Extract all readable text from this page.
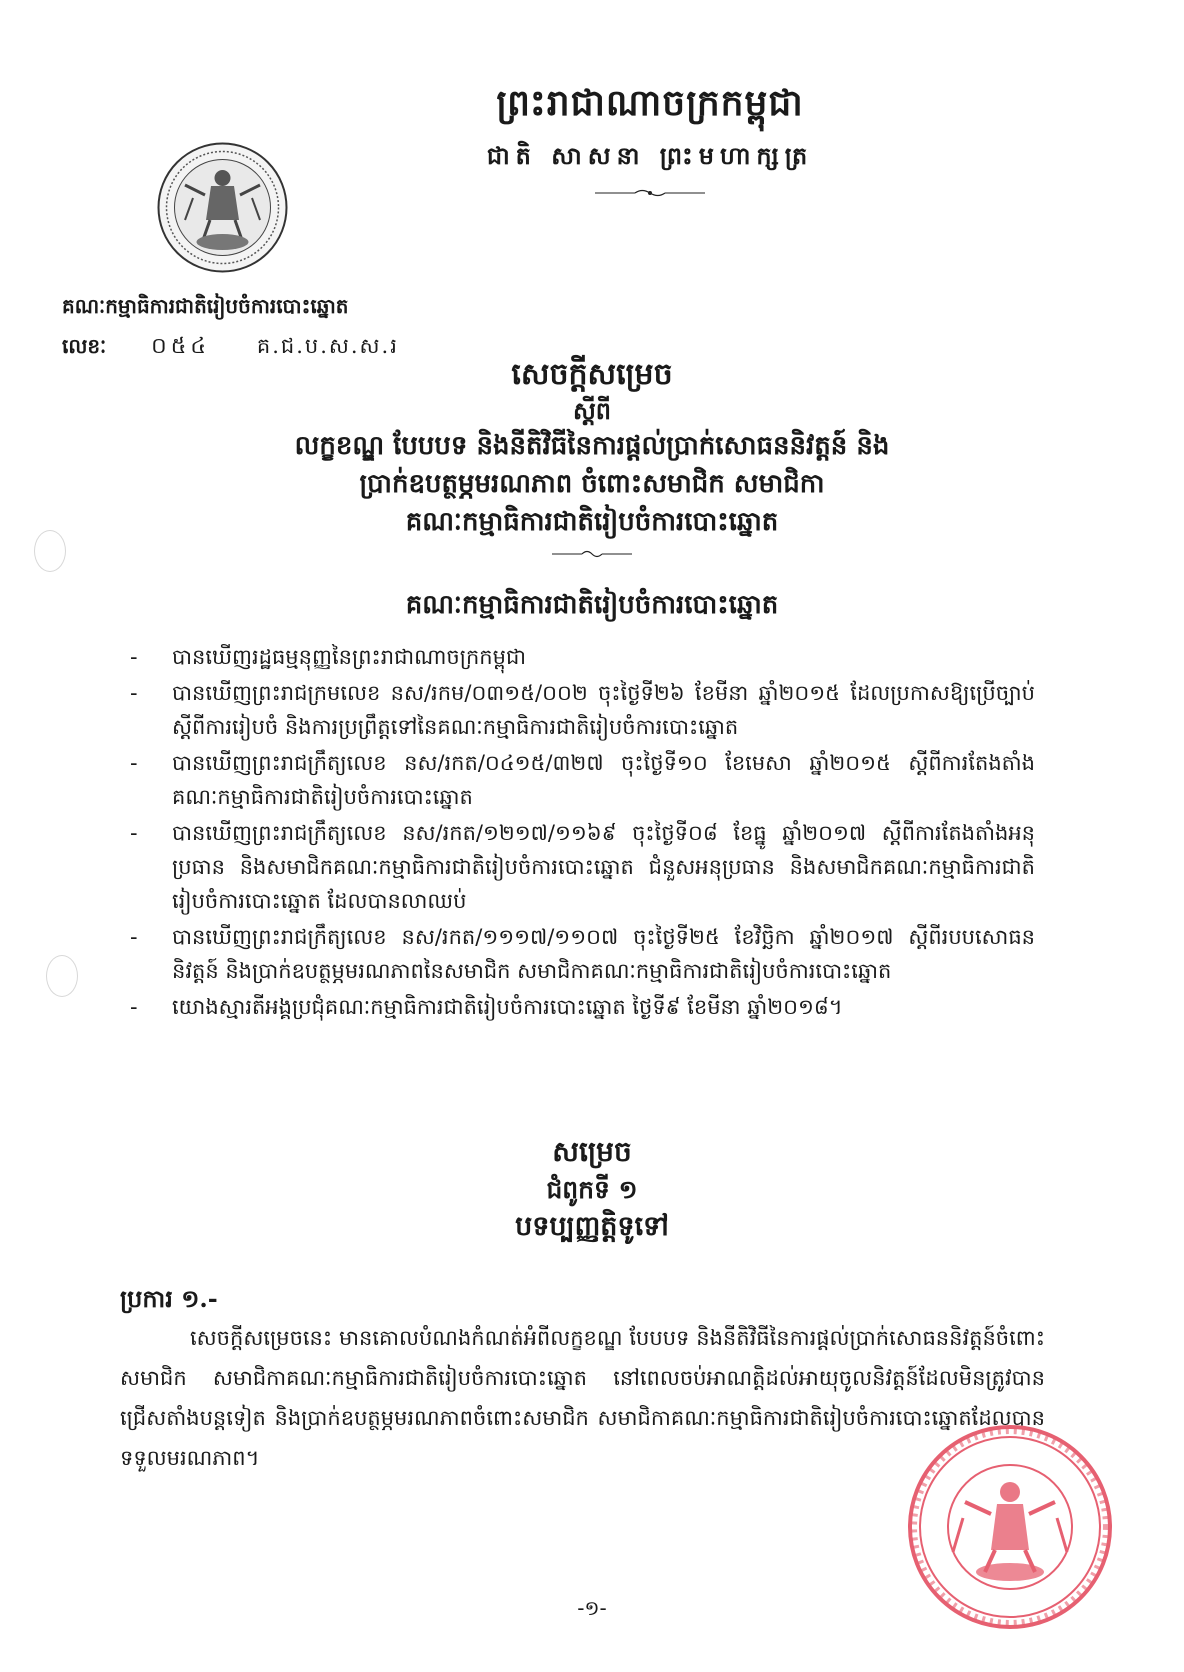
ព្រះរាជាណាចក្រកម្ពុជា
ជាតិ សាសនា ព្រះមហាក្សត្រ
គណៈកម្មាធិការជាតិរៀបចំការបោះឆ្នោត
លេខៈ ០៥៤ គ.ជ.ប.ស.ស.រ
សេចក្តីសម្រេច
ស្តីពី
លក្ខខណ្ឌ បែបបទ និងនីតិវិធីនៃការផ្តល់ប្រាក់សោធននិវត្តន៍ និង
ប្រាក់ឧបត្ថម្ភមរណភាព ចំពោះសមាជិក សមាជិកា
គណៈកម្មាធិការជាតិរៀបចំការបោះឆ្នោត
គណៈកម្មាធិការជាតិរៀបចំការបោះឆ្នោត
- បានឃើញរដ្ឋធម្មនុញ្ញនៃព្រះរាជាណាចក្រកម្ពុជា
- បានឃើញព្រះរាជក្រមលេខ នស/រកម/០៣១៥/០០២ ចុះថ្ងៃទី២៦ ខែមីនា ឆ្នាំ២០១៥ ដែលប្រកាសឱ្យប្រើច្បាប់ស្តីពីការរៀបចំ និងការប្រព្រឹត្តទៅនៃគណៈកម្មាធិការជាតិរៀបចំការបោះឆ្នោត
- បានឃើញព្រះរាជក្រឹត្យលេខ នស/រកត/០៤១៥/៣២៧ ចុះថ្ងៃទី១០ ខែមេសា ឆ្នាំ២០១៥ ស្តីពីការតែងតាំងគណៈកម្មាធិការជាតិរៀបចំការបោះឆ្នោត
- បានឃើញព្រះរាជក្រឹត្យលេខ នស/រកត/១២១៧/១១៦៩ ចុះថ្ងៃទី០៨ ខែធ្នូ ឆ្នាំ២០១៧ ស្តីពីការតែងតាំងអនុប្រធាន និងសមាជិកគណៈកម្មាធិការជាតិរៀបចំការបោះឆ្នោត ជំនួសអនុប្រធាន និងសមាជិកគណៈកម្មាធិការជាតិរៀបចំការបោះឆ្នោត ដែលបានលាឈប់
- បានឃើញព្រះរាជក្រឹត្យលេខ នស/រកត/១១១៧/១១០៧ ចុះថ្ងៃទី២៥ ខែវិច្ឆិកា ឆ្នាំ២០១៧ ស្តីពីរបបសោធននិវត្តន៍ និងប្រាក់ឧបត្ថម្ភមរណភាពនៃសមាជិក សមាជិកាគណៈកម្មាធិការជាតិរៀបចំការបោះឆ្នោត
- យោងស្មារតីអង្គប្រជុំគណៈកម្មាធិការជាតិរៀបចំការបោះឆ្នោត ថ្ងៃទី៩ ខែមីនា ឆ្នាំ២០១៨។
សម្រេច
ជំពូកទី ១
បទប្បញ្ញត្តិទូទៅ
ប្រការ ១.-

សេចក្តីសម្រេចនេះ មានគោលបំណងកំណត់អំពីលក្ខខណ្ឌ បែបបទ និងនីតិវិធីនៃការផ្តល់ប្រាក់សោធននិវត្តន៍ចំពោះសមាជិក សមាជិកាគណៈកម្មាធិការជាតិរៀបចំការបោះឆ្នោត នៅពេលចប់អាណត្តិដល់អាយុចូលនិវត្តន៍ដែលមិនត្រូវបានជ្រើសតាំងបន្តទៀត និងប្រាក់ឧបត្ថម្ភមរណភាពចំពោះសមាជិក សមាជិកាគណៈកម្មាធិការជាតិរៀបចំការបោះឆ្នោតដែលបានទទួលមរណភាព។

-១-
